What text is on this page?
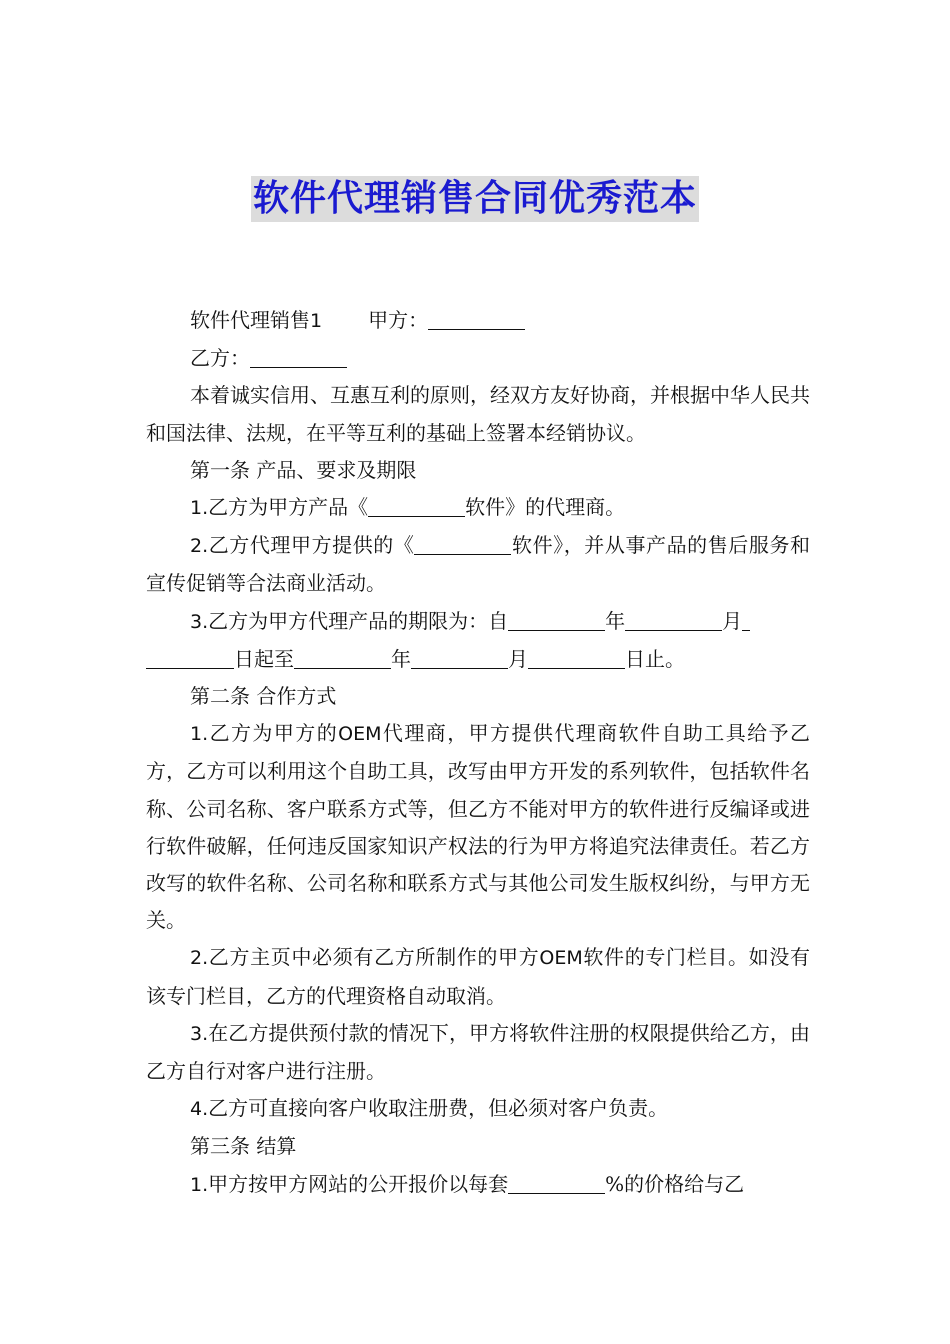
软件代理销售合同优秀范本

软件代理销售1 甲方：

乙方：

本着诚实信用、互惠互利的原则，经双方友好协商，并根据中华人民共和国法律、法规，在平等互利的基础上签署本经销协议。

第一条 产品、要求及期限

1.乙方为甲方产品《	软件》的代理商。

2.乙方代理甲方提供的《	软件》，并从事产品的售后服务和宣传促销等合法商业活动。

3.乙方为甲方代理产品的期限为：自	年	月

日起至	年	月	日止。

第二条 合作方式

1.乙方为甲方的OEM代理商，甲方提供代理商软件自助工具给予乙方，乙方可以利用这个自助工具，改写由甲方开发的系列软件，包括软件名称、公司名称、客户联系方式等，但乙方不能对甲方的软件进行反编译或进行软件破解，任何违反国家知识产权法的行为甲方将追究法律责任。若乙方改写的软件名称、公司名称和联系方式与其他公司发生版权纠纷，与甲方无关。

2.乙方主页中必须有乙方所制作的甲方OEM软件的专门栏目。如没有该专门栏目，乙方的代理资格自动取消。

3.在乙方提供预付款的情况下，甲方将软件注册的权限提供给乙方，由乙方自行对客户进行注册。

4.乙方可直接向客户收取注册费，但必须对客户负责。

第三条 结算

1.甲方按甲方网站的公开报价以每套	%的价格给与乙
